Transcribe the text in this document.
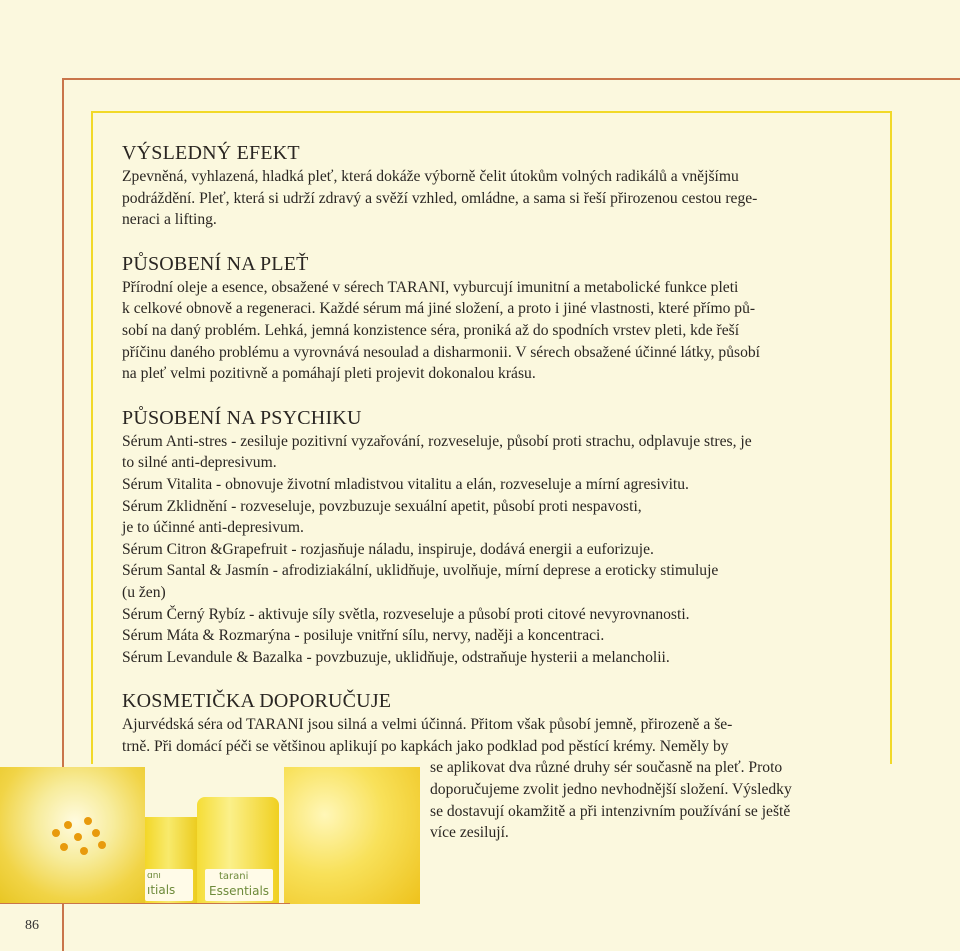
VÝSLEDNÝ EFEKT

Zpevněná, vyhlazená, hladká pleť, která dokáže výborně čelit útokům volných radikálů a vnějšímu
podráždění. Pleť, která si udrží zdravý a svěží vzhled, omládne, a sama si řeší přirozenou cestou rege-
neraci a lifting.

PŮSOBENÍ NA PLEŤ

Přírodní oleje a esence, obsažené v sérech TARANI, vyburcují imunitní a metabolické funkce pleti
k celkové obnově a regeneraci. Každé sérum má jiné složení, a proto i jiné vlastnosti, které přímo pů-
sobí na daný problém. Lehká, jemná konzistence séra, proniká až do spodních vrstev pleti, kde řeší
příčinu daného problému a vyrovnává nesoulad a disharmonii. V sérech obsažené účinné látky, působí
na pleť velmi pozitivně a pomáhají pleti projevit dokonalou krásu.

PŮSOBENÍ NA PSYCHIKU

Sérum Anti-stres - zesiluje pozitivní vyzařování, rozveseluje, působí proti strachu, odplavuje stres, je
to silné anti-depresivum.
Sérum Vitalita - obnovuje životní mladistvou vitalitu a elán, rozveseluje a mírní agresivitu.
Sérum Zklidnění - rozveseluje, povzbuzuje sexuální apetit, působí proti nespavosti,
je to účinné anti-depresivum.
Sérum Citron &Grapefruit - rozjasňuje náladu, inspiruje, dodává energii a euforizuje.
Sérum Santal & Jasmín - afrodiziakální, uklidňuje, uvolňuje, mírní deprese a eroticky stimuluje
(u žen)
Sérum Černý Rybíz - aktivuje síly světla, rozveseluje a působí proti citové nevyrovnanosti.
Sérum Máta & Rozmarýna - posiluje vnitřní sílu, nervy, naději a koncentraci.
Sérum Levandule & Bazalka - povzbuzuje, uklidňuje, odstraňuje hysterii a melancholii.

KOSMETIČKA DOPORUČUJE

Ajurvédská séra od TARANI jsou silná a velmi účinná. Přitom však působí jemně, přirozeně a še-
trně. Při domácí péči se většinou aplikují po kapkách jako podklad pod pěstící krémy. Neměly by

se aplikovat dva různé druhy sér současně na pleť. Proto
doporučujeme zvolit jedno nevhodnější složení. Výsledky
se dostavují okamžitě a při intenzivním používání se ještě
více zesilují.

ɑnı
ıtials
tarani
Essentials
86
